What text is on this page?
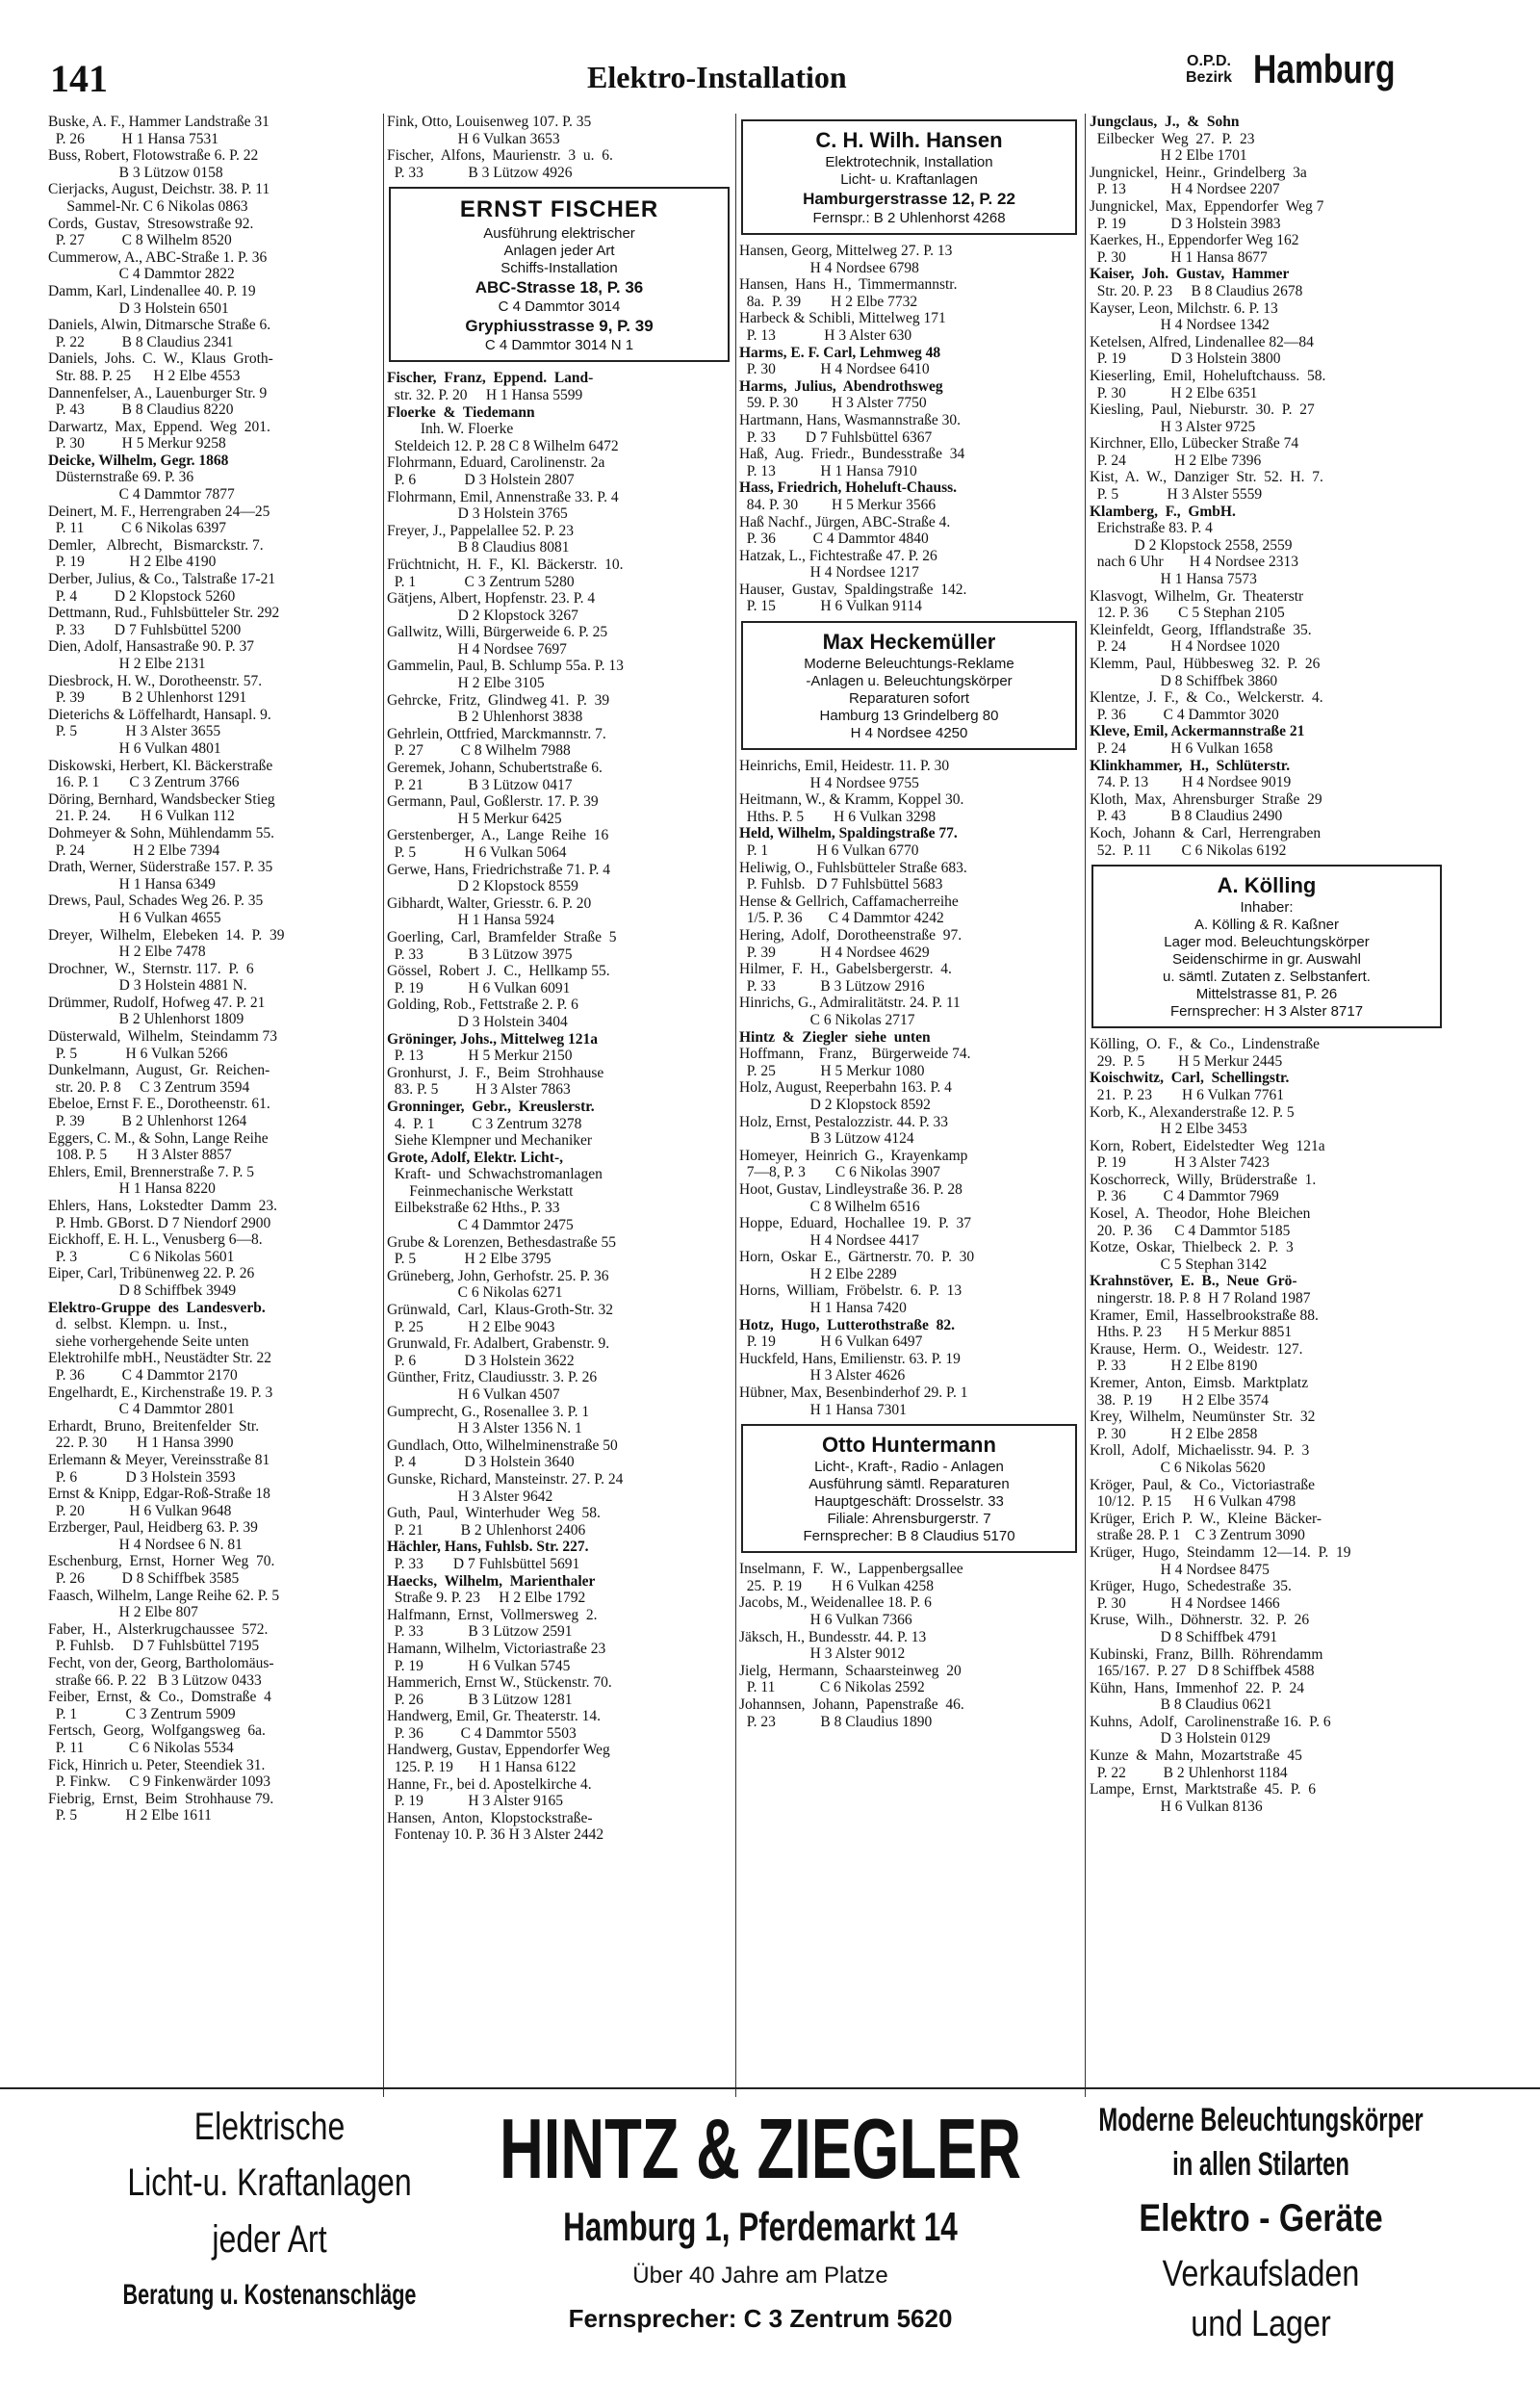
141	Elektro-Installation	O.P.D.
Bezirk Hamburg
Buske, A. F., Hammer Landstraße 31
P. 26          H 1 Hansa 7531
Buss, Robert, Flotowstraße 6. P. 22
B 3 Lützow 0158
Cierjacks, August, Deichstr. 38. P. 11
Sammel-Nr. C 6 Nikolas 0863
Cords,  Gustav,  Stresowstraße 92.
P. 27          C 8 Wilhelm 8520
Cummerow, A., ABC-Straße 1. P. 36
C 4 Dammtor 2822
Damm, Karl, Lindenallee 40. P. 19
D 3 Holstein 6501
Daniels, Alwin, Ditmarsche Straße 6.
P. 22          B 8 Claudius 2341
Daniels,  Johs.  C.  W.,  Klaus  Groth-
Str. 88. P. 25      H 2 Elbe 4553
Dannenfelser, A., Lauenburger Str. 9
P. 43          B 8 Claudius 8220
Darwartz,  Max,  Eppend.  Weg  201.
P. 30          H 5 Merkur 9258
Deicke, Wilhelm, Gegr. 1868
Düsternstraße 69. P. 36
C 4 Dammtor 7877
Deinert, M. F., Herrengraben 24—25
P. 11          C 6 Nikolas 6397
Demler,   Albrecht,   Bismarckstr. 7.
P. 19            H 2 Elbe 4190
Derber, Julius, & Co., Talstraße 17-21
P. 4          D 2 Klopstock 5260
Dettmann, Rud., Fuhlsbütteler Str. 292
P. 33        D 7 Fuhlsbüttel 5200
Dien, Adolf, Hansastraße 90. P. 37
H 2 Elbe 2131
Diesbrock, H. W., Dorotheenstr. 57.
P. 39          B 2 Uhlenhorst 1291
Dieterichs & Löffelhardt, Hansapl. 9.
P. 5             H 3 Alster 3655
H 6 Vulkan 4801
Diskowski, Herbert, Kl. Bäckerstraße
16. P. 1        C 3 Zentrum 3766
Döring, Bernhard, Wandsbecker Stieg
21. P. 24.        H 6 Vulkan 112
Dohmeyer & Sohn, Mühlendamm 55.
P. 24             H 2 Elbe 7394
Drath, Werner, Süderstraße 157. P. 35
H 1 Hansa 6349
Drews, Paul, Schades Weg 26. P. 35
H 6 Vulkan 4655
Dreyer,  Wilhelm,  Elebeken  14.  P.  39
H 2 Elbe 7478
Drochner,  W.,  Sternstr. 117.  P.  6
D 3 Holstein 4881 N.
Drümmer, Rudolf, Hofweg 47. P. 21
B 2 Uhlenhorst 1809
Düsterwald,  Wilhelm,  Steindamm 73
P. 5             H 6 Vulkan 5266
Dunkelmann,  August,  Gr.  Reichen-
str. 20. P. 8     C 3 Zentrum 3594
Ebeloe, Ernst F. E., Dorotheenstr. 61.
P. 39          B 2 Uhlenhorst 1264
Eggers, C. M., & Sohn, Lange Reihe
108. P. 5        H 3 Alster 8857
Ehlers, Emil, Brennerstraße 7. P. 5
H 1 Hansa 8220
Ehlers,  Hans,  Lokstedter  Damm  23.
P. Hmb. GBorst. D 7 Niendorf 2900
Eickhoff, E. H. L., Venusberg 6—8.
P. 3              C 6 Nikolas 5601
Eiper, Carl, Tribünenweg 22. P. 26
D 8 Schiffbek 3949
Elektro-Gruppe  des  Landesverb.
d.  selbst.  Klempn.  u.  Inst.,
siehe vorhergehende Seite unten
Elektrohilfe mbH., Neustädter Str. 22
P. 36          C 4 Dammtor 2170
Engelhardt, E., Kirchenstraße 19. P. 3
C 4 Dammtor 2801
Erhardt,  Bruno,  Breitenfelder  Str.
22. P. 30        H 1 Hansa 3990
Erlemann & Meyer, Vereinsstraße 81
P. 6             D 3 Holstein 3593
Ernst & Knipp, Edgar-Roß-Straße 18
P. 20            H 6 Vulkan 9648
Erzberger, Paul, Heidberg 63. P. 39
H 4 Nordsee 6 N. 81
Eschenburg,  Ernst,  Horner  Weg  70.
P. 26          D 8 Schiffbek 3585
Faasch, Wilhelm, Lange Reihe 62. P. 5
H 2 Elbe 807
Faber,  H.,  Alsterkrugchaussee  572.
P. Fuhlsb.     D 7 Fuhlsbüttel 7195
Fecht, von der, Georg, Bartholomäus-
straße 66. P. 22   B 3 Lützow 0433
Feiber,  Ernst,  &  Co.,  Domstraße  4
P. 1             C 3 Zentrum 5909
Fertsch,  Georg,  Wolfgangsweg  6a.
P. 11            C 6 Nikolas 5534
Fick, Hinrich u. Peter, Steendiek 31.
P. Finkw.     C 9 Finkenwärder 1093
Fiebrig,  Ernst,  Beim  Strohhause 79.
P. 5             H 2 Elbe 1611
Fink, Otto, Louisenweg 107. P. 35
H 6 Vulkan 3653
Fischer,  Alfons,  Maurienstr.  3  u.  6.
P. 33            B 3 Lützow 4926
ERNST FISCHER
Ausführung elektrischer
Anlagen jeder Art
Schiffs-Installation
ABC-Strasse 18, P. 36
C 4 Dammtor 3014
Gryphiusstrasse 9, P. 39
C 4 Dammtor 3014 N 1
Fischer,  Franz,  Eppend.  Land-
str. 32. P. 20     H 1 Hansa 5599
Floerke  &  Tiedemann
Inh. W. Floerke
Steldeich 12. P. 28 C 8 Wilhelm 6472
Flohrmann, Eduard, Carolinenstr. 2a
P. 6             D 3 Holstein 2807
Flohrmann, Emil, Annenstraße 33. P. 4
D 3 Holstein 3765
Freyer, J., Pappelallee 52. P. 23
B 8 Claudius 8081
Früchtnicht,  H.  F.,  Kl.  Bäckerstr.  10.
P. 1             C 3 Zentrum 5280
Gätjens, Albert, Hopfenstr. 23. P. 4
D 2 Klopstock 3267
Gallwitz, Willi, Bürgerweide 6. P. 25
H 4 Nordsee 7697
Gammelin, Paul, B. Schlump 55a. P. 13
H 2 Elbe 3105
Gehrcke,  Fritz,  Glindweg 41.  P.  39
B 2 Uhlenhorst 3838
Gehrlein, Ottfried, Marckmannstr. 7.
P. 27          C 8 Wilhelm 7988
Geremek, Johann, Schubertstraße 6.
P. 21            B 3 Lützow 0417
Germann, Paul, Goßlerstr. 17. P. 39
H 5 Merkur 6425
Gerstenberger,  A.,  Lange  Reihe  16
P. 5             H 6 Vulkan 5064
Gerwe, Hans, Friedrichstraße 71. P. 4
D 2 Klopstock 8559
Gibhardt, Walter, Griesstr. 6. P. 20
H 1 Hansa 5924
Goerling,  Carl,  Bramfelder  Straße  5
P. 33            B 3 Lützow 3975
Gössel,  Robert  J.  C.,  Hellkamp 55.
P. 19            H 6 Vulkan 6091
Golding, Rob., Fettstraße 2. P. 6
D 3 Holstein 3404
Gröninger, Johs., Mittelweg 121a
P. 13            H 5 Merkur 2150
Gronhurst,  J.  F.,  Beim  Strohhause
83. P. 5          H 3 Alster 7863
Gronninger,  Gebr.,  Kreuslerstr.
4.  P. 1          C 3 Zentrum 3278
Siehe Klempner und Mechaniker
Grote, Adolf, Elektr. Licht-,
Kraft-  und  Schwachstromanlagen
Feinmechanische Werkstatt
Eilbekstraße 62 Hths., P. 33
C 4 Dammtor 2475
Grube & Lorenzen, Bethesdastraße 55
P. 5             H 2 Elbe 3795
Grüneberg, John, Gerhofstr. 25. P. 36
C 6 Nikolas 6271
Grünwald,  Carl,  Klaus-Groth-Str. 32
P. 25            H 2 Elbe 9043
Grunwald, Fr. Adalbert, Grabenstr. 9.
P. 6             D 3 Holstein 3622
Günther, Fritz, Claudiusstr. 3. P. 26
H 6 Vulkan 4507
Gumprecht, G., Rosenallee 3. P. 1
H 3 Alster 1356 N. 1
Gundlach, Otto, Wilhelminenstraße 50
P. 4             D 3 Holstein 3640
Gunske, Richard, Mansteinstr. 27. P. 24
H 3 Alster 9642
Guth,  Paul,  Winterhuder  Weg  58.
P. 21          B 2 Uhlenhorst 2406
Hächler, Hans, Fuhlsb. Str. 227.
P. 33        D 7 Fuhlsbüttel 5691
Haecks,  Wilhelm,  Marienthaler
Straße 9. P. 23     H 2 Elbe 1792
Halfmann,  Ernst,  Vollmersweg  2.
P. 33            B 3 Lützow 2591
Hamann, Wilhelm, Victoriastraße 23
P. 19            H 6 Vulkan 5745
Hammerich, Ernst W., Stückenstr. 70.
P. 26            B 3 Lützow 1281
Handwerg, Emil, Gr. Theaterstr. 14.
P. 36          C 4 Dammtor 5503
Handwerg, Gustav, Eppendorfer Weg
125. P. 19       H 1 Hansa 6122
Hanne, Fr., bei d. Apostelkirche 4.
P. 19            H 3 Alster 9165
Hansen,  Anton,  Klopstockstraße-
Fontenay 10. P. 36 H 3 Alster 2442
C. H. Wilh. Hansen
Elektrotechnik, Installation
Licht- u. Kraftanlagen
Hamburgerstrasse 12, P. 22
Fernspr.: B 2 Uhlenhorst 4268
Hansen, Georg, Mittelweg 27. P. 13
H 4 Nordsee 6798
Hansen,  Hans  H.,  Timmermannstr.
8a.  P. 39        H 2 Elbe 7732
Harbeck & Schibli, Mittelweg 171
P. 13             H 3 Alster 630
Harms, E. F. Carl, Lehmweg 48
P. 30            H 4 Nordsee 6410
Harms,  Julius,  Abendrothsweg
59. P. 30         H 3 Alster 7750
Hartmann, Hans, Wasmannstraße 30.
P. 33        D 7 Fuhlsbüttel 6367
Haß,  Aug.  Friedr.,  Bundesstraße  34
P. 13            H 1 Hansa 7910
Hass, Friedrich, Hoheluft-Chauss.
84. P. 30         H 5 Merkur 3566
Haß Nachf., Jürgen, ABC-Straße 4.
P. 36          C 4 Dammtor 4840
Hatzak, L., Fichtestraße 47. P. 26
H 4 Nordsee 1217
Hauser,  Gustav,  Spaldingstraße  142.
P. 15            H 6 Vulkan 9114
Max Heckemüller
Moderne Beleuchtungs-Reklame
-Anlagen u. Beleuchtungskörper
Reparaturen sofort
Hamburg 13 Grindelberg 80
H 4 Nordsee 4250
Heinrichs, Emil, Heidestr. 11. P. 30
H 4 Nordsee 9755
Heitmann, W., & Kramm, Koppel 30.
Hths. P. 5        H 6 Vulkan 3298
Held, Wilhelm, Spaldingstraße 77.
P. 1             H 6 Vulkan 6770
Heliwig, O., Fuhlsbütteler Straße 683.
P. Fuhlsb.   D 7 Fuhlsbüttel 5683
Hense & Gellrich, Caffamacherreihe
1/5. P. 36       C 4 Dammtor 4242
Hering,  Adolf,  Dorotheenstraße  97.
P. 39            H 4 Nordsee 4629
Hilmer,  F.  H.,  Gabelsbergerstr.  4.
P. 33            B 3 Lützow 2916
Hinrichs, G., Admiralitätstr. 24. P. 11
C 6 Nikolas 2717
Hintz  &  Ziegler  siehe  unten
Hoffmann,    Franz,    Bürgerweide 74.
P. 25            H 5 Merkur 1080
Holz, August, Reeperbahn 163. P. 4
D 2 Klopstock 8592
Holz, Ernst, Pestalozzistr. 44. P. 33
B 3 Lützow 4124
Homeyer,  Heinrich  G.,  Krayenkamp
7—8, P. 3        C 6 Nikolas 3907
Hoot, Gustav, Lindleystraße 36. P. 28
C 8 Wilhelm 6516
Hoppe,  Eduard,  Hochallee  19.  P.  37
H 4 Nordsee 4417
Horn,  Oskar  E.,  Gärtnerstr. 70.  P.  30
H 2 Elbe 2289
Horns,  William,  Fröbelstr.  6.  P.  13
H 1 Hansa 7420
Hotz,  Hugo,  Lutterothstraße  82.
P. 19            H 6 Vulkan 6497
Huckfeld, Hans, Emilienstr. 63. P. 19
H 3 Alster 4626
Hübner, Max, Besenbinderhof 29. P. 1
H 1 Hansa 7301
Otto Huntermann
Licht-, Kraft-, Radio - Anlagen
Ausführung sämtl. Reparaturen
Hauptgeschäft: Drosselstr. 33
Filiale: Ahrensburgerstr. 7
Fernsprecher: B 8 Claudius 5170
Inselmann,  F.  W.,  Lappenbergsallee
25.  P. 19        H 6 Vulkan 4258
Jacobs, M., Weidenallee 18. P. 6
H 6 Vulkan 7366
Jäksch, H., Bundesstr. 44. P. 13
H 3 Alster 9012
Jielg,  Hermann,  Schaarsteinweg  20
P. 11            C 6 Nikolas 2592
Johannsen,  Johann,  Papenstraße  46.
P. 23            B 8 Claudius 1890
Jungclaus,  J.,  &  Sohn
Eilbecker  Weg  27.  P.  23
H 2 Elbe 1701
Jungnickel,  Heinr.,  Grindelberg  3a
P. 13            H 4 Nordsee 2207
Jungnickel,  Max,  Eppendorfer  Weg 7
P. 19            D 3 Holstein 3983
Kaerkes, H., Eppendorfer Weg 162
P. 30            H 1 Hansa 8677
Kaiser,  Joh.  Gustav,  Hammer
Str. 20. P. 23     B 8 Claudius 2678
Kayser, Leon, Milchstr. 6. P. 13
H 4 Nordsee 1342
Ketelsen, Alfred, Lindenallee 82—84
P. 19            D 3 Holstein 3800
Kieserling,  Emil,  Hoheluftchauss.  58.
P. 30            H 2 Elbe 6351
Kiesling,  Paul,  Nieburstr.  30.  P.  27
H 3 Alster 9725
Kirchner, Ello, Lübecker Straße 74
P. 24             H 2 Elbe 7396
Kist,  A.  W.,  Danziger  Str.  52.  H.  7.
P. 5             H 3 Alster 5559
Klamberg,  F.,  GmbH.
Erichstraße 83. P. 4
D 2 Klopstock 2558, 2559
nach 6 Uhr       H 4 Nordsee 2313
H 1 Hansa 7573
Klasvogt,  Wilhelm,  Gr.  Theaterstr
12. P. 36        C 5 Stephan 2105
Kleinfeldt,  Georg,  Ifflandstraße  35.
P. 24            H 4 Nordsee 1020
Klemm,  Paul,  Hübbesweg  32.  P.  26
D 8 Schiffbek 3860
Klentze,  J.  F.,  &  Co.,  Welckerstr.  4.
P. 36          C 4 Dammtor 3020
Kleve, Emil, Ackermannstraße 21
P. 24            H 6 Vulkan 1658
Klinkhammer,  H.,  Schlüterstr.
74. P. 13         H 4 Nordsee 9019
Kloth,  Max,  Ahrensburger  Straße  29
P. 43            B 8 Claudius 2490
Koch,  Johann  &  Carl,  Herrengraben
52.  P. 11        C 6 Nikolas 6192
A. Kölling
Inhaber:
A. Kölling & R. Kaßner
Lager mod. Beleuchtungskörper
Seidenschirme in gr. Auswahl
u. sämtl. Zutaten z. Selbstanfert.
Mittelstrasse 81, P. 26
Fernsprecher: H 3 Alster 8717
Kölling,  O.  F.,  &  Co.,  Lindenstraße
29.  P. 5         H 5 Merkur 2445
Koischwitz,  Carl,  Schellingstr.
21.  P. 23        H 6 Vulkan 7761
Korb, K., Alexanderstraße 12. P. 5
H 2 Elbe 3453
Korn,  Robert,  Eidelstedter  Weg  121a
P. 19             H 3 Alster 7423
Koschorreck,  Willy,  Brüderstraße  1.
P. 36          C 4 Dammtor 7969
Kosel,  A.  Theodor,  Hohe  Bleichen
20.  P. 36      C 4 Dammtor 5185
Kotze,  Oskar,  Thielbeck  2.  P.  3
C 5 Stephan 3142
Krahnstöver,  E.  B.,  Neue  Grö-
ningerstr. 18. P. 8  H 7 Roland 1987
Kramer,  Emil,  Hasselbrookstraße 88.
Hths. P. 23       H 5 Merkur 8851
Krause,  Herm.  O.,  Weidestr.  127.
P. 33            H 2 Elbe 8190
Kremer,  Anton,  Eimsb.  Marktplatz
38.  P. 19        H 2 Elbe 3574
Krey,  Wilhelm,  Neumünster  Str.  32
P. 30            H 2 Elbe 2858
Kroll,  Adolf,  Michaelisstr. 94.  P.  3
C 6 Nikolas 5620
Kröger,  Paul,  &  Co.,  Victoriastraße
10/12.  P. 15      H 6 Vulkan 4798
Krüger,  Erich  P.  W.,  Kleine  Bäcker-
straße 28. P. 1    C 3 Zentrum 3090
Krüger,  Hugo,  Steindamm  12—14.  P.  19
H 4 Nordsee 8475
Krüger,  Hugo,  Schedestraße  35.
P. 30            H 4 Nordsee 1466
Kruse,  Wilh.,  Döhnerstr.  32.  P.  26
D 8 Schiffbek 4791
Kubinski,  Franz,  Billh.  Röhrendamm
165/167.  P. 27   D 8 Schiffbek 4588
Kühn,  Hans,  Immenhof  22.  P.  24
B 8 Claudius 0621
Kuhns,  Adolf,  Carolinenstraße 16.  P. 6
D 3 Holstein 0129
Kunze  &  Mahn,  Mozartstraße  45
P. 22          B 2 Uhlenhorst 1184
Lampe,  Ernst,  Marktstraße  45.  P.  6
H 6 Vulkan 8136
Elektrische
Licht-u. Kraftanlagen
jeder Art
Beratung u. Kostenanschläge
HINTZ & ZIEGLER
Hamburg 1, Pferdemarkt 14
Über 40 Jahre am Platze
Fernsprecher: C 3 Zentrum 5620
Moderne Beleuchtungskörper
in allen Stilarten
Elektro - Geräte
Verkaufsladen
und Lager
